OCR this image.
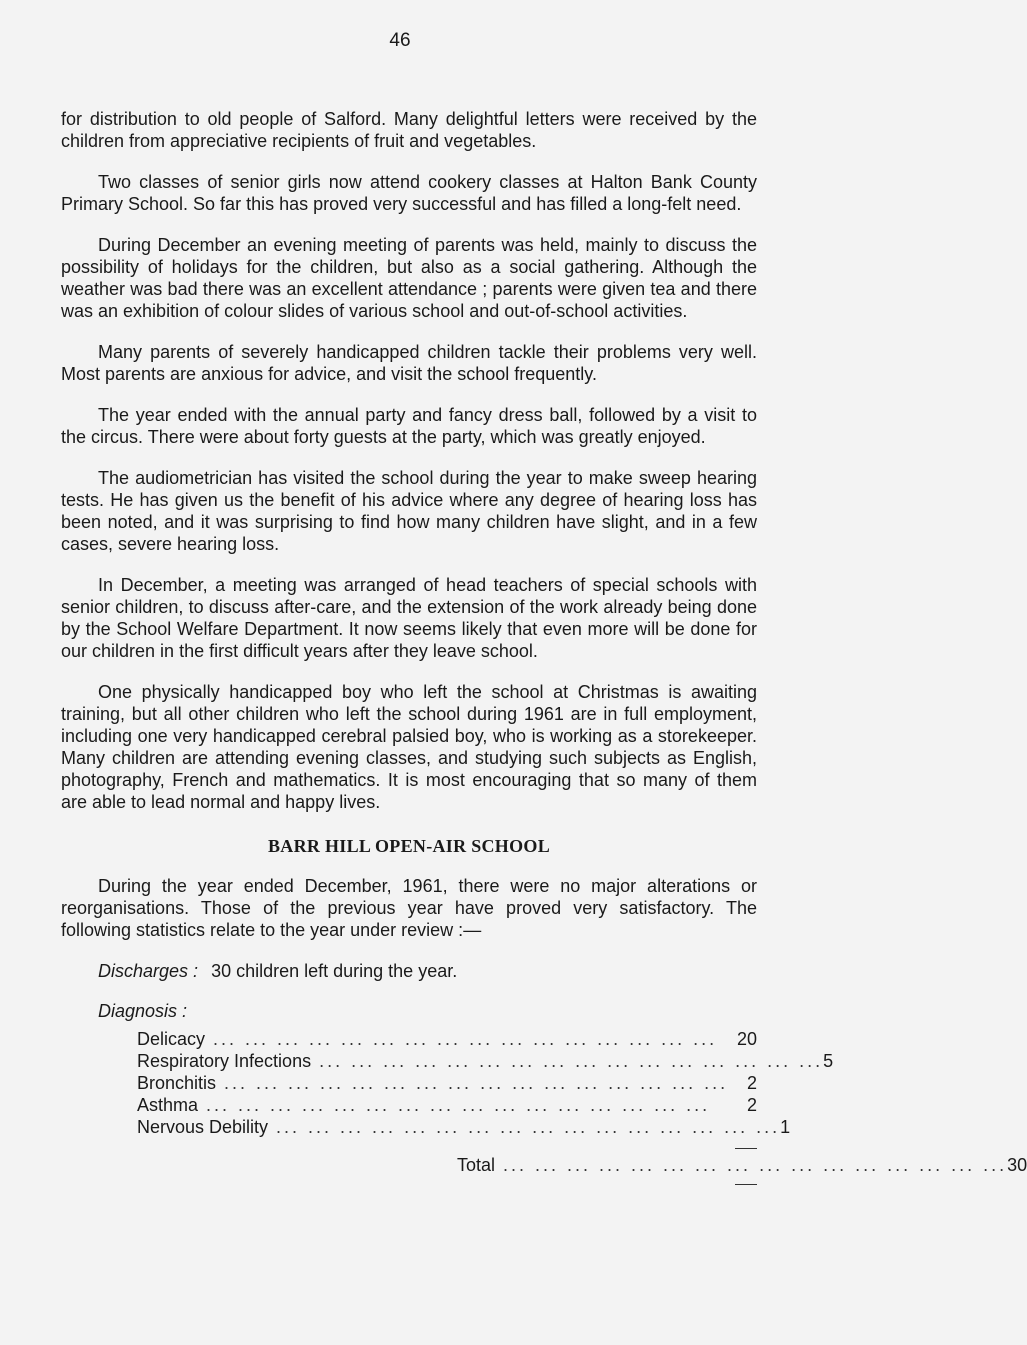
46

for distribution to old people of Salford. Many delightful letters were received by the children from appreciative recipients of fruit and vegetables.

Two classes of senior girls now attend cookery classes at Halton Bank County Primary School. So far this has proved very successful and has filled a long-felt need.

During December an evening meeting of parents was held, mainly to discuss the possibility of holidays for the children, but also as a social gathering. Although the weather was bad there was an excellent attendance ; parents were given tea and there was an exhibition of colour slides of various school and out-of-school activities.

Many parents of severely handicapped children tackle their problems very well. Most parents are anxious for advice, and visit the school frequently.

The year ended with the annual party and fancy dress ball, followed by a visit to the circus. There were about forty guests at the party, which was greatly enjoyed.

The audiometrician has visited the school during the year to make sweep hearing tests. He has given us the benefit of his advice where any degree of hearing loss has been noted, and it was surprising to find how many children have slight, and in a few cases, severe hearing loss.

In December, a meeting was arranged of head teachers of special schools with senior children, to discuss after-care, and the extension of the work already being done by the School Welfare Department. It now seems likely that even more will be done for our children in the first difficult years after they leave school.

One physically handicapped boy who left the school at Christmas is awaiting training, but all other children who left the school during 1961 are in full employment, including one very handicapped cerebral palsied boy, who is working as a storekeeper. Many children are attending evening classes, and studying such subjects as English, photography, French and mathematics. It is most encouraging that so many of them are able to lead normal and happy lives.

BARR HILL OPEN-AIR SCHOOL

During the year ended December, 1961, there were no major alterations or reorganisations. Those of the previous year have proved very satisfactory. The following statistics relate to the year under review :—

Discharges : 30 children left during the year.
Diagnosis :
Delicacy ... ... ... ... ... ... ... ... ... ... ... ... ... ... ... ...	20
Respiratory Infections ... ... ... ... ... ... ... ... ... ... ... ... ... ... ... ... 5
Bronchitis ... ... ... ... ... ... ... ... ... ... ... ... ... ... ... ...	2
Asthma ... ... ... ... ... ... ... ... ... ... ... ... ... ... ... ...	2
Nervous Debility ... ... ... ... ... ... ... ... ... ... ... ... ... ... ... ... 1
Total ... ... ... ... ... ... ... ... ... ... ... ... ... ... ... ... 30
